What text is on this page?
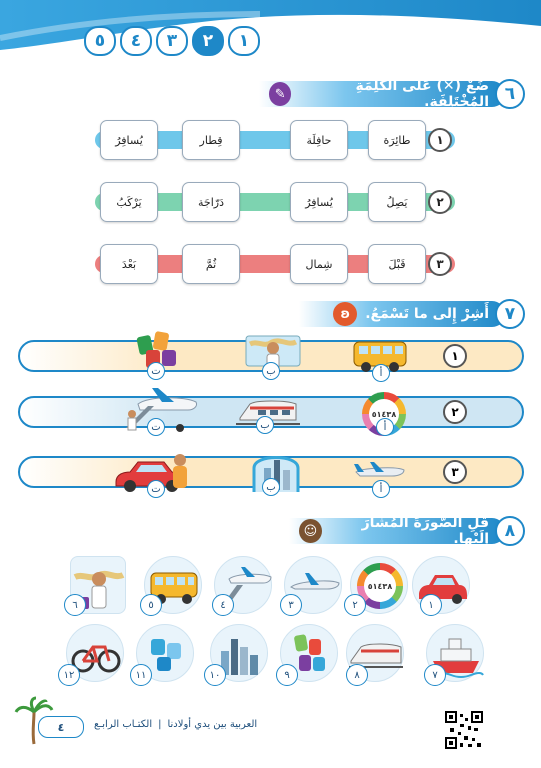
١
٢
٣
٤
٥
٦
ضَعْ (✕) عَلى الكَلِمَةِ المُخْتَلِفَةِ.
✎
طائِرَة
حافِلَة
قِطار
يُسافِرُ	١
يَصِلُ
يُسافِرُ
دَرّاجَة
يَرْكَبُ	٢
قَبْلَ
شِمال
ثُمَّ
بَعْدَ	٣
٧
أَشِرْ إِلى ما تَسْمَعُ.
ʚ
١
أ
ب
ت
٢
٥١٤٣٨
أ
ب
ت
٣
أ
ب
ت
٨
قُلِ الصُّورَةَ المُشارَ إِلَيْها.
☺
١
٥١٤٣٨
٢
٣
٤
٥
٦
٧
٨
٩
١٠
١١
١٢
٤	العربية بين يدي أولادنا
|
الكتـاب الرابـع
